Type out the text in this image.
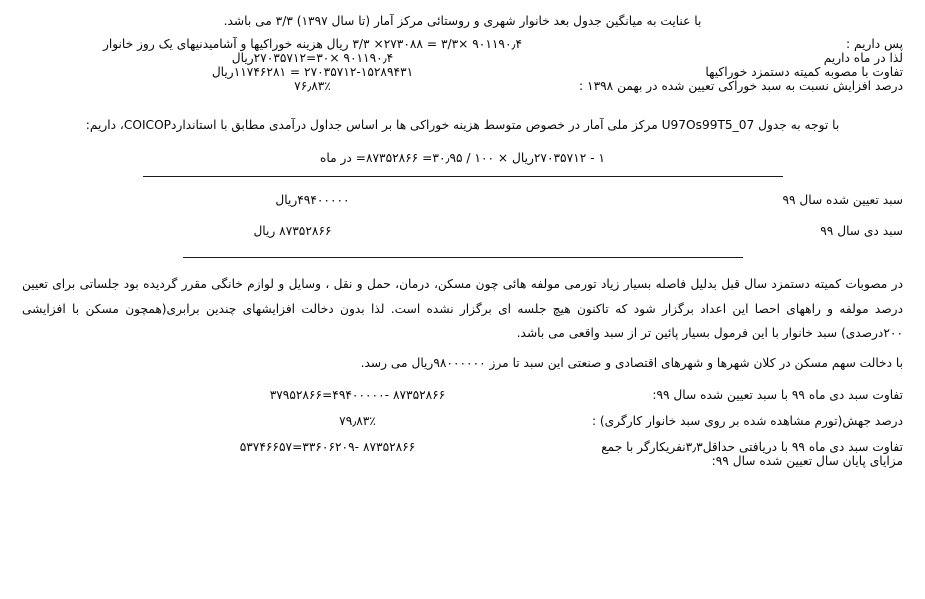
با عنایت به میانگین جدول بعد خانوار شهری و روستائی مرکز آمار (تا سال ۱۳۹۷) ۳/۳ می باشد.
پس داریم :
۹۰۱۱۹۰٫۴ ×۳/۳ = ۲۷۳۰۸۸× ۳/۳ ریال هزینه خوراکیها و آشامیدنیهای یک روز خانوار
لذا در ماه داریم
۹۰۱۱۹۰٫۴ ×۳۰=۲۷۰۳۵۷۱۲ریال
تفاوت با مصوبه کمیته دستمزد خوراکیها
۲۷۰۳۵۷۱۲-۱۵۲۸۹۴۳۱ = ۱۱۷۴۶۲۸۱ریال
درصد افزایش نسبت به سبد خوراکی تعیین شده در بهمن ۱۳۹۸ :
۷۶٫۸۳٪
با توجه به جدول U97Os99T5_07 مرکز ملی آمار در خصوص متوسط هزینه خوراکی ها بر اساس جداول درآمدی مطابق با استانداردCOICOP، داریم:
۱ - ۲۷۰۳۵۷۱۲ریال × ۱۰۰ / ۳۰٫۹۵= ۸۷۳۵۲۸۶۶= در ماه
سبد تعیین شده سال ۹۹
۴۹۴۰۰۰۰۰ریال
سبد دی سال ۹۹
۸۷۳۵۲۸۶۶ ریال
در مصوبات کمیته دستمزد سال قبل بدلیل فاصله بسیار زیاد تورمی مولفه هائی چون مسکن، درمان، حمل و نقل ، وسایل و لوازم خانگی مقرر گردیده بود جلساتی برای تعیین درصد مولفه و راههای احصا این اعداد برگزار شود که تاکنون هیچ جلسه ای برگزار نشده است. لذا بدون دخالت افزایشهای چندین برابری(همچون مسکن با افزایشی ۲۰۰درصدی) سبد خانوار با این فرمول بسیار پائین تر از سبد واقعی می باشد.
با دخالت سهم مسکن در کلان شهرها و شهرهای اقتصادی و صنعتی این سبد تا مرز ۹۸۰۰۰۰۰۰ریال می رسد.
تفاوت سبد دی ماه ۹۹ با سبد تعیین شده سال ۹۹:
۸۷۳۵۲۸۶۶ -۴۹۴۰۰۰۰۰=۳۷۹۵۲۸۶۶
درصد جهش(تورم مشاهده شده بر روی سبد خانوار کارگری) :
۷۹٫۸۳٪
تفاوت سبد دی ماه ۹۹ با دریافتی حداقل۳٫۳نفریکارگر با جمع مزایای پایان سال تعیین شده سال ۹۹:
۸۷۳۵۲۸۶۶ -۳۳۶۰۶۲۰۹=۵۳۷۴۶۶۵۷
